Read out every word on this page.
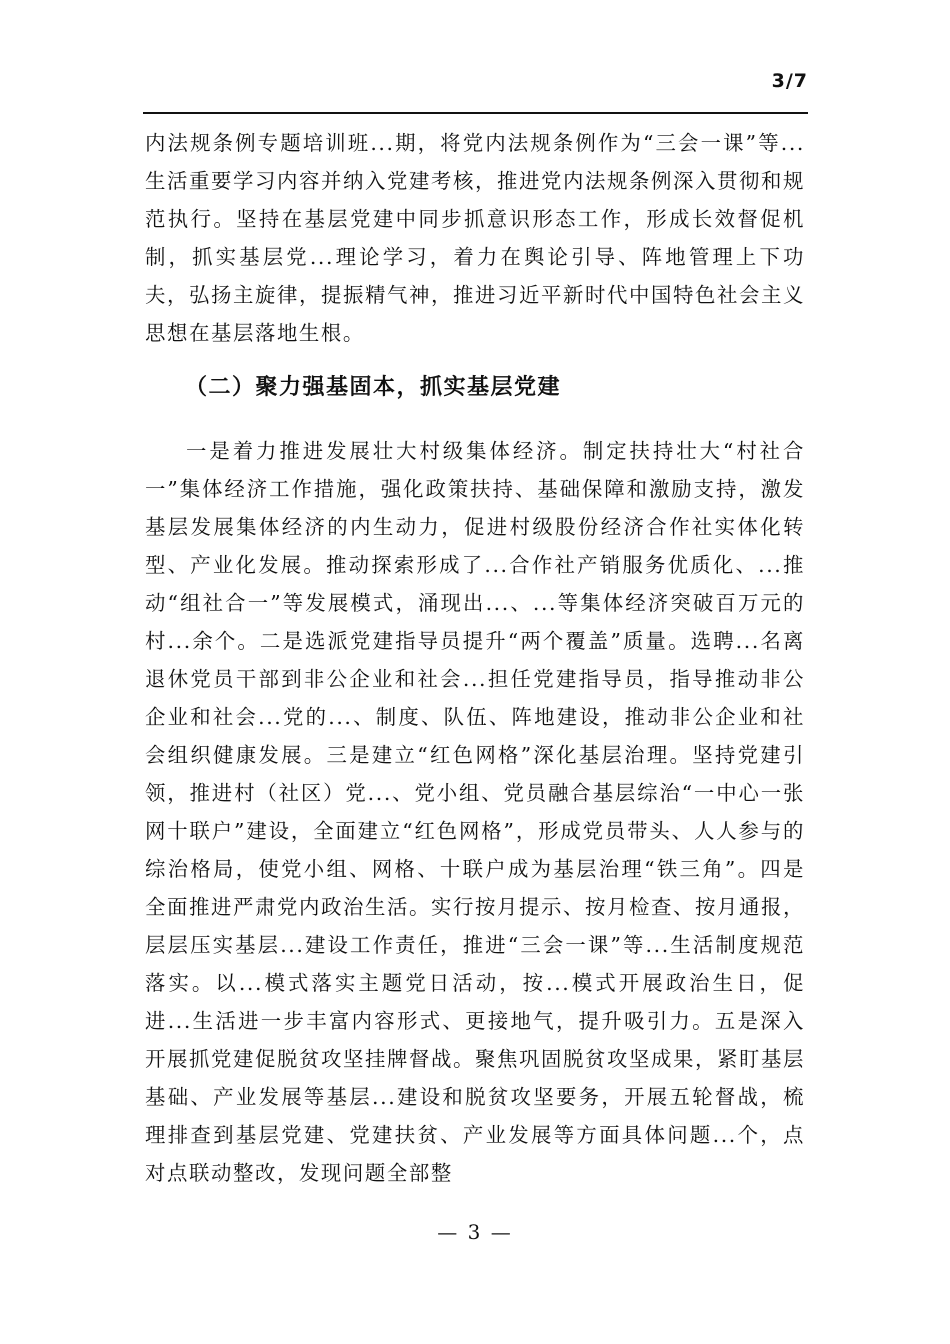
3/7

内法规条例专题培训班...期，将党内法规条例作为“三会一课”等...生活重要学习内容并纳入党建考核，推进党内法规条例深入贯彻和规范执行。坚持在基层党建中同步抓意识形态工作，形成长效督促机制，抓实基层党...理论学习，着力在舆论引导、阵地管理上下功夫，弘扬主旋律，提振精气神，推进习近平新时代中国特色社会主义思想在基层落地生根。

（二）聚力强基固本，抓实基层党建

一是着力推进发展壮大村级集体经济。制定扶持壮大“村社合一”集体经济工作措施，强化政策扶持、基础保障和激励支持，激发基层发展集体经济的内生动力，促进村级股份经济合作社实体化转型、产业化发展。推动探索形成了...合作社产销服务优质化、...推动“组社合一”等发展模式，涌现出...、...等集体经济突破百万元的村...余个。二是选派党建指导员提升“两个覆盖”质量。选聘...名离退休党员干部到非公企业和社会...担任党建指导员，指导推动非公企业和社会...党的...、制度、队伍、阵地建设，推动非公企业和社会组织健康发展。三是建立“红色网格”深化基层治理。坚持党建引领，推进村（社区）党...、党小组、党员融合基层综治“一中心一张网十联户”建设，全面建立“红色网格”，形成党员带头、人人参与的综治格局，使党小组、网格、十联户成为基层治理“铁三角”。四是全面推进严肃党内政治生活。实行按月提示、按月检查、按月通报，层层压实基层...建设工作责任，推进“三会一课”等...生活制度规范落实。以...模式落实主题党日活动，按...模式开展政治生日，促进...生活进一步丰富内容形式、更接地气，提升吸引力。五是深入开展抓党建促脱贫攻坚挂牌督战。聚焦巩固脱贫攻坚成果，紧盯基层基础、产业发展等基层...建设和脱贫攻坚要务，开展五轮督战，梳理排查到基层党建、党建扶贫、产业发展等方面具体问题...个，点对点联动整改，发现问题全部整

— 3 —
